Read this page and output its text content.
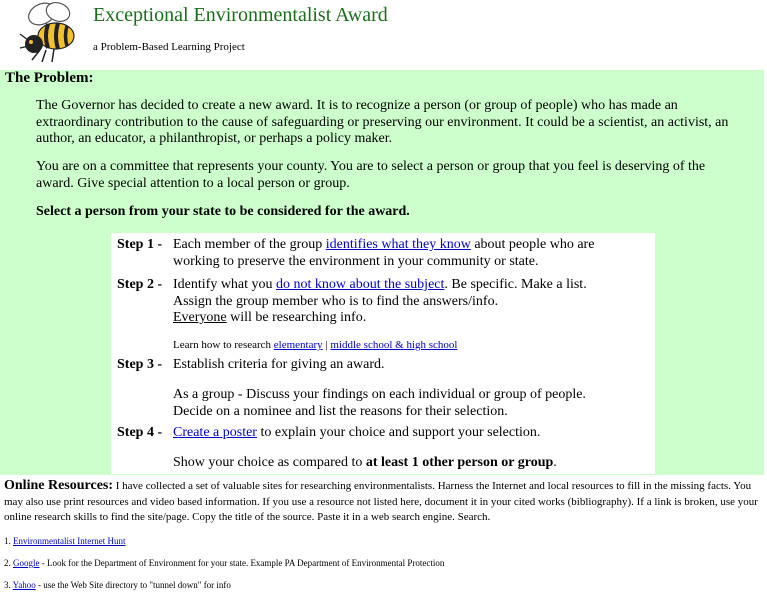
Exceptional Environmentalist Award

a Problem-Based Learning Project

The Problem:

The Governor has decided to create a new award. It is to recognize a person (or group of people) who has made an extraordinary contribution to the cause of safeguarding or preserving our environment. It could be a scientist, an activist, an author, an educator, a philanthropist, or perhaps a policy maker.

You are on a committee that represents your county. You are to select a person or group that you feel is deserving of the award. Give special attention to a local person or group.

Select a person from your state to be considered for the award.

Step 1 - Each member of the group identifies what they know about people who are working to preserve the environment in your community or state.
Step 2 - Identify what you do not know about the subject. Be specific. Make a list.
Assign the group member who is to find the answers/info.
Everyone will be researching info.
Learn how to research elementary | middle school & high school
Step 3 - Establish criteria for giving an award.
As a group - Discuss your findings on each individual or group of people.
Decide on a nominee and list the reasons for their selection.
Step 4 - Create a poster to explain your choice and support your selection.
Show your choice as compared to at least 1 other person or group.

Online Resources: I have collected a set of valuable sites for researching environmentalists. Harness the Internet and local resources to fill in the missing facts. You may also use print resources and video based information. If you use a resource not listed here, document it in your cited works (bibliography). If a link is broken, use your online research skills to find the site/page. Copy the title of the source. Paste it in a web search engine. Search.

1. Environmentalist Internet Hunt

2. Google - Look for the Department of Environment for your state. Example PA Department of Environmental Protection

3. Yahoo - use the Web Site directory to "tunnel down" for info
